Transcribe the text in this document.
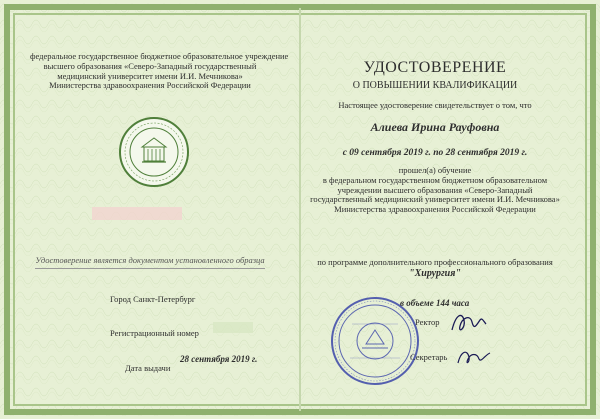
федеральное государственное бюджетное образовательное учреждение
высшего образования «Северо-Западный государственный
медицинский университет имени И.И. Мечникова»
Министерства здравоохранения Российской Федерации
Удостоверение является документом установленного образца
Город Санкт-Петербург
Регистрационный номер
28 сентября 2019 г.
Дата выдачи
УДОСТОВЕРЕНИЕ
О ПОВЫШЕНИИ КВАЛИФИКАЦИИ
Настоящее удостоверение свидетельствует о том, что
Алиева Ирина Рауфовна
с 09 сентября 2019 г. по 28 сентября 2019 г.
прошел(а) обучение
в федеральном государственном бюджетном образовательном
учреждении высшего образования «Северо-Западный
государственный медицинский университет имени И.И. Мечникова»
Министерства здравоохранения Российской Федерации
по программе дополнительного профессионального образования
"Хирургия"
в объеме 144 часа
Ректор
Секретарь
